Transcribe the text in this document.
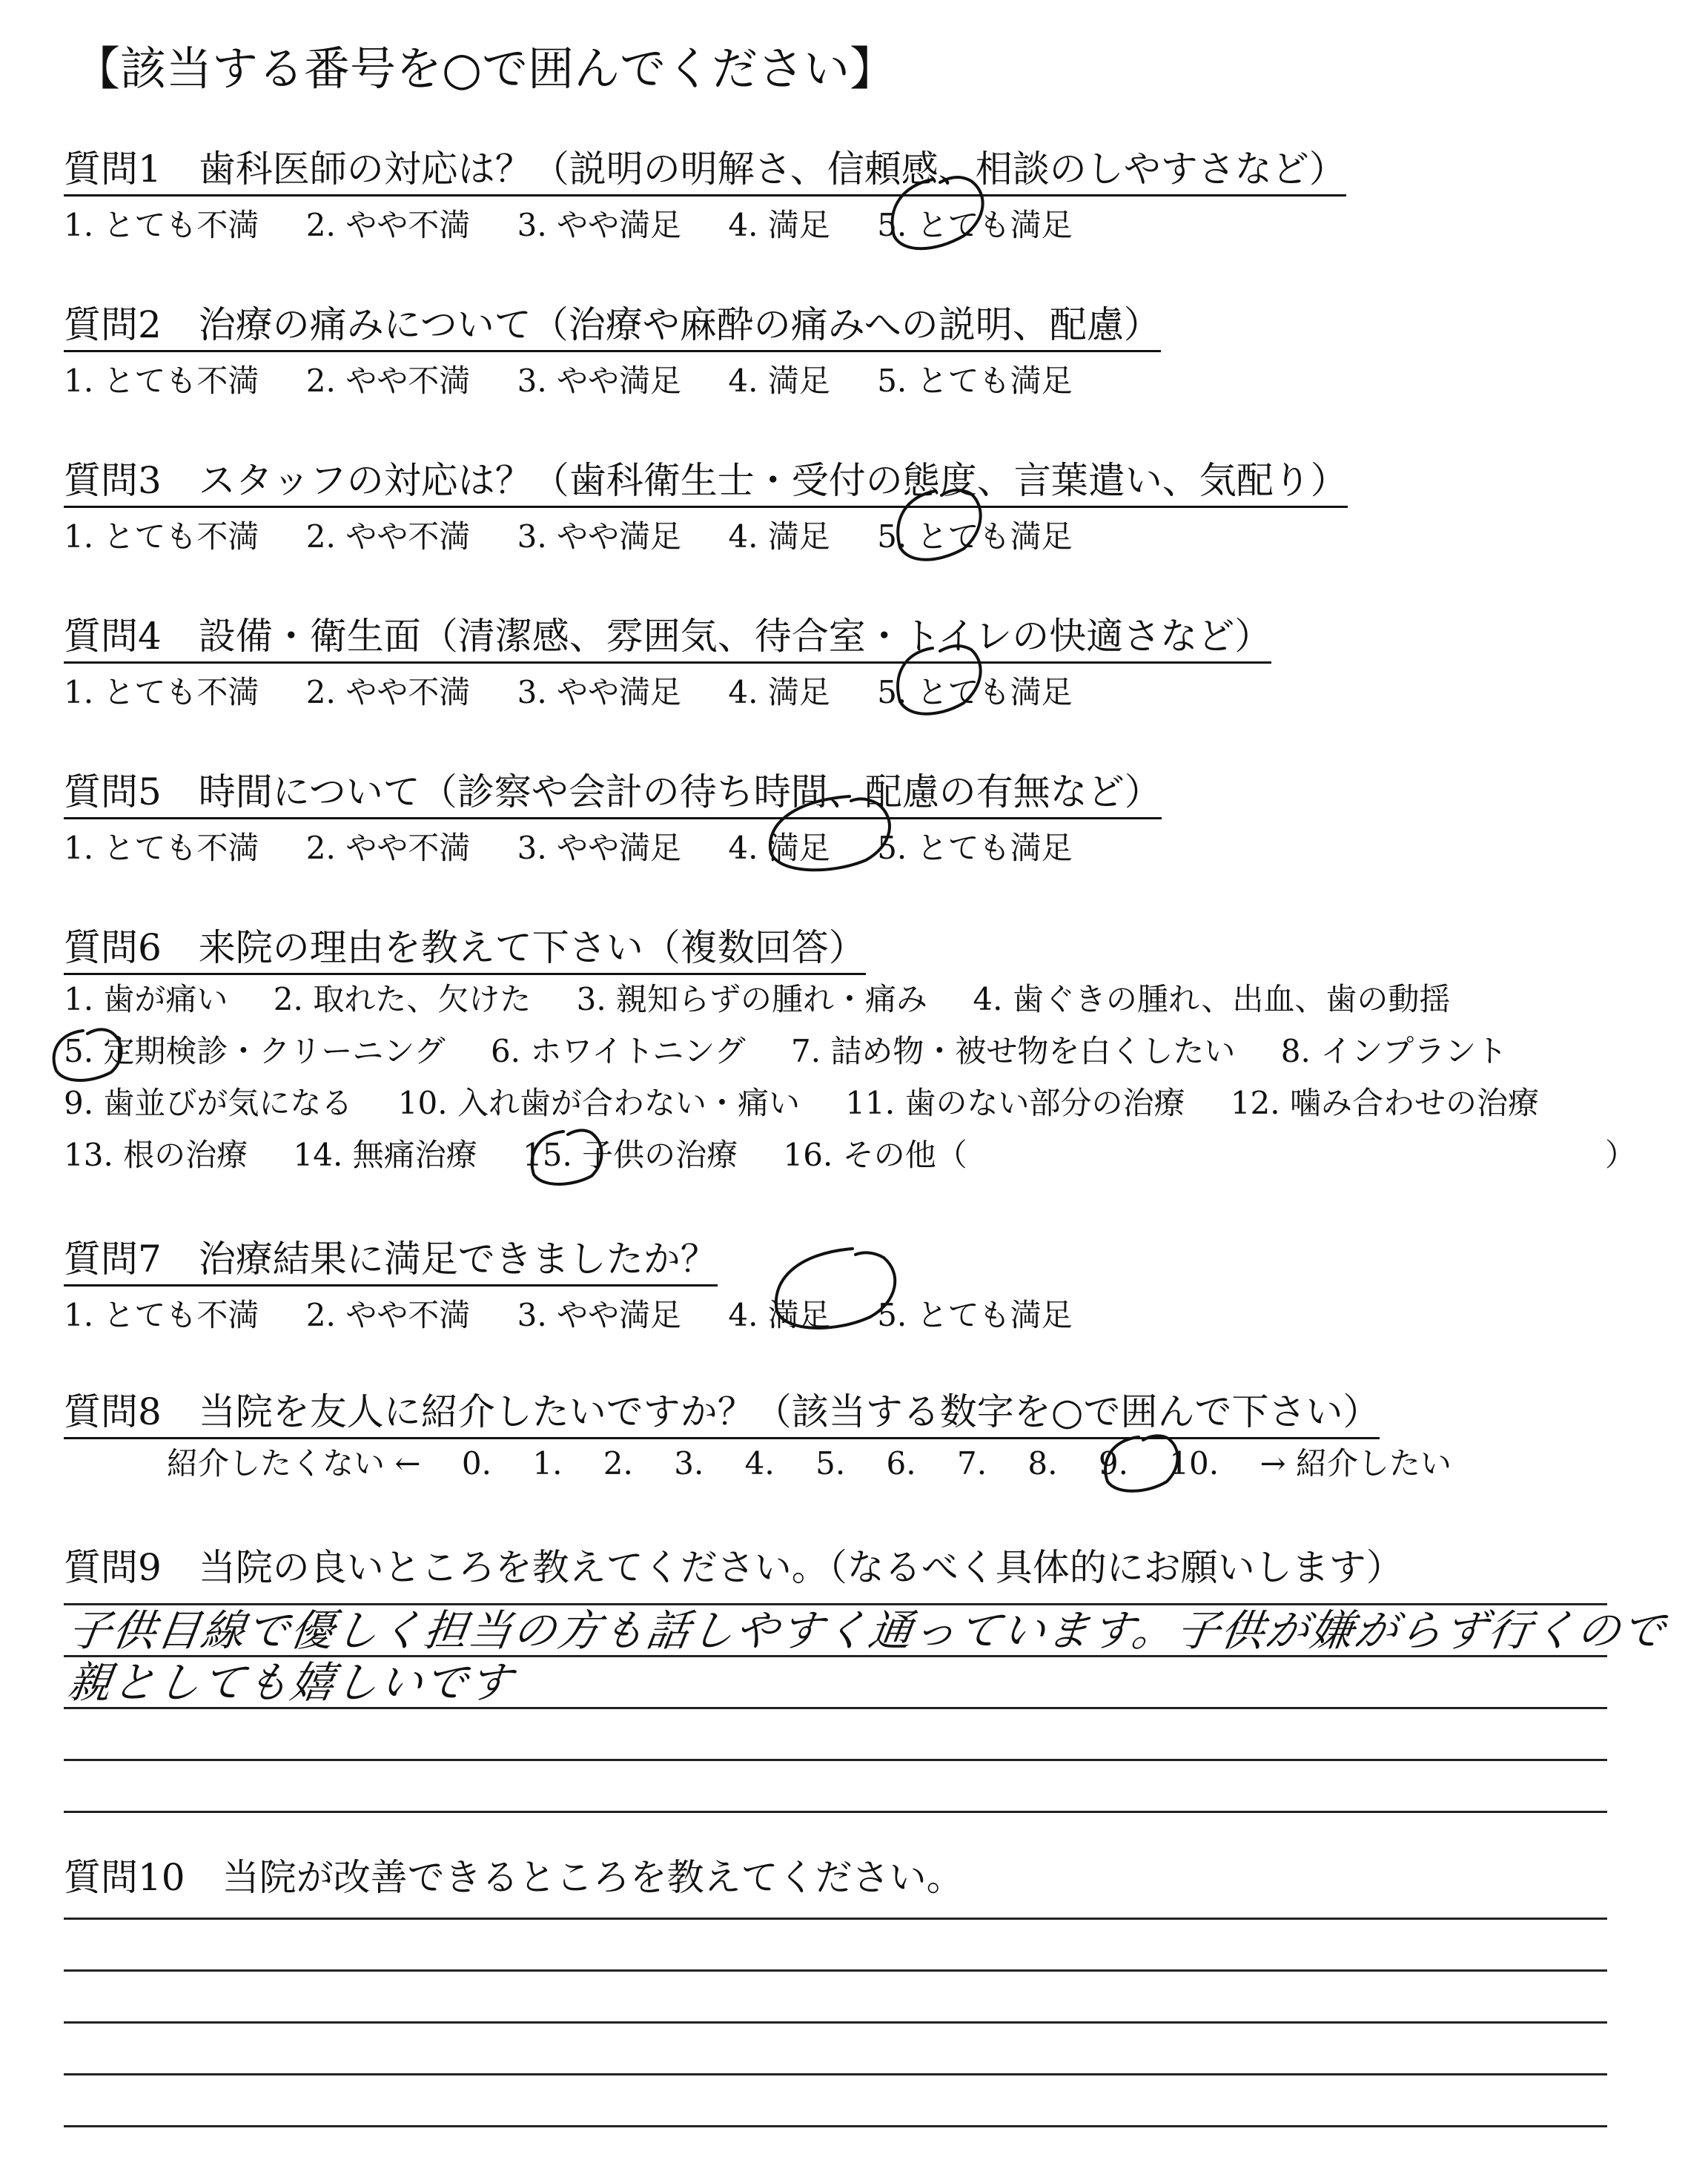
【該当する番号を○で囲んでください】
質問1　歯科医師の対応は？（説明の明解さ、信頼感、相談のしやすさなど）
1. とても不満 2. やや不満 3. やや満足 4. 満足 5. とても満足
質問2　治療の痛みについて（治療や麻酔の痛みへの説明、配慮）
1. とても不満 2. やや不満 3. やや満足 4. 満足 5. とても満足
質問3　スタッフの対応は？（歯科衛生士・受付の態度、言葉遣い、気配り）
1. とても不満 2. やや不満 3. やや満足 4. 満足 5. とても満足
質問4　設備・衛生面（清潔感、雰囲気、待合室・トイレの快適さなど）
1. とても不満 2. やや不満 3. やや満足 4. 満足 5. とても満足
質問5　時間について（診察や会計の待ち時間、配慮の有無など）
1. とても不満 2. やや不満 3. やや満足 4. 満足 5. とても満足
質問6　来院の理由を教えて下さい（複数回答）
1. 歯が痛い 2. 取れた、欠けた 3. 親知らずの腫れ・痛み 4. 歯ぐきの腫れ、出血、歯の動揺
5. 定期検診・クリーニング 6. ホワイトニング 7. 詰め物・被せ物を白くしたい 8. インプラント
9. 歯並びが気になる 10. 入れ歯が合わない・痛い 11. 歯のない部分の治療 12. 噛み合わせの治療
13. 根の治療 14. 無痛治療 15. 子供の治療 16. その他（	）
質問7　治療結果に満足できましたか？
1. とても不満 2. やや不満 3. やや満足 4. 満足 5. とても満足
質問8　当院を友人に紹介したいですか？（該当する数字を○で囲んで下さい）
紹介したくない ← 0. 1. 2. 3. 4. 5. 6. 7. 8. 9. 10. → 紹介したい
質問9　当院の良いところを教えてください。（なるべく具体的にお願いします）
子供目線で優しく担当の方も話しやすく通っています。子供が嫌がらず行くので
親としても嬉しいです
質問10　当院が改善できるところを教えてください。
